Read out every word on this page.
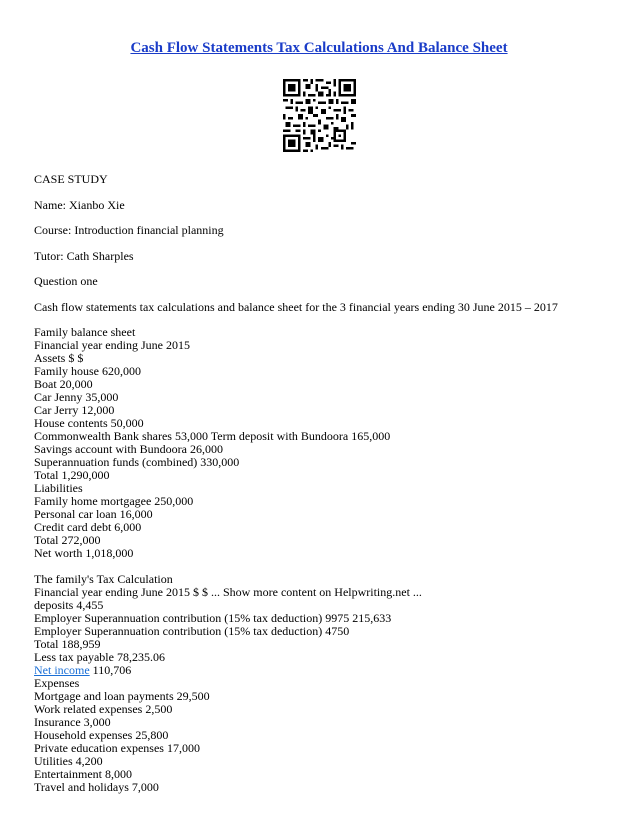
Cash Flow Statements Tax Calculations And Balance Sheet
CASE STUDY
Name: Xianbo Xie
Course: Introduction financial planning
Tutor: Cath Sharples
Question one
Cash flow statements tax calculations and balance sheet for the 3 financial years ending 30 June 2015 – 2017
Family balance sheet
Financial year ending June 2015
Assets $ $
Family house 620,000
Boat 20,000
Car Jenny 35,000
Car Jerry 12,000
House contents 50,000
Commonwealth Bank shares 53,000 Term deposit with Bundoora 165,000
Savings account with Bundoora 26,000
Superannuation funds (combined) 330,000
Total 1,290,000
Liabilities
Family home mortgagee 250,000
Personal car loan 16,000
Credit card debt 6,000
Total 272,000
Net worth 1,018,000
The family's Tax Calculation
Financial year ending June 2015 $ $ ... Show more content on Helpwriting.net ...
deposits 4,455
Employer Superannuation contribution (15% tax deduction) 9975 215,633
Employer Superannuation contribution (15% tax deduction) 4750
Total 188,959
Less tax payable 78,235.06
Net income 110,706
Expenses
Mortgage and loan payments 29,500
Work related expenses 2,500
Insurance 3,000
Household expenses 25,800
Private education expenses 17,000
Utilities 4,200
Entertainment 8,000
Travel and holidays 7,000
